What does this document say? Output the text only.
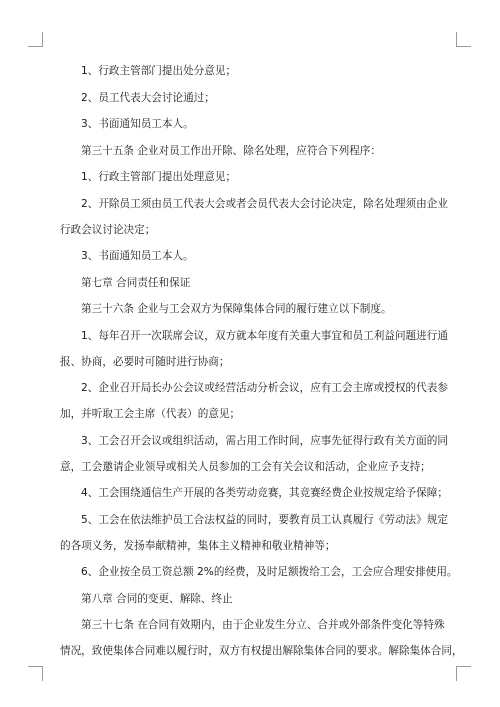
1、行政主管部门提出处分意见；

2、员工代表大会讨论通过；

3、书面通知员工本人。

第三十五条 企业对员工作出开除、除名处理，应符合下列程序：

1、行政主管部门提出处理意见；

2、开除员工须由员工代表大会或者会员代表大会讨论决定，除名处理须由企业

行政会议讨论决定；

3、书面通知员工本人。

第七章 合同责任和保证

第三十六条 企业与工会双方为保障集体合同的履行建立以下制度。

1、每年召开一次联席会议，双方就本年度有关重大事宜和员工利益问题进行通

报、协商，必要时可随时进行协商；

2、企业召开局长办公会议或经营活动分析会议，应有工会主席或授权的代表参

加，并听取工会主席（代表）的意见；

3、工会召开会议或组织活动，需占用工作时间，应事先征得行政有关方面的同

意，工会邀请企业领导或相关人员参加的工会有关会议和活动，企业应予支持；

4、工会围绕通信生产开展的各类劳动竞赛，其竞赛经费企业按规定给予保障；

5、工会在依法维护员工合法权益的同时，要教育员工认真履行《劳动法》规定

的各项义务，发扬奉献精神，集体主义精神和敬业精神等；

6、企业按全员工资总额 2%的经费，及时足额拨给工会，工会应合理安排使用。

第八章 合同的变更、解除、终止

第三十七条 在合同有效期内，由于企业发生分立、合并或外部条件变化等特殊

情况，致使集体合同难以履行时，双方有权提出解除集体合同的要求。解除集体合同，
